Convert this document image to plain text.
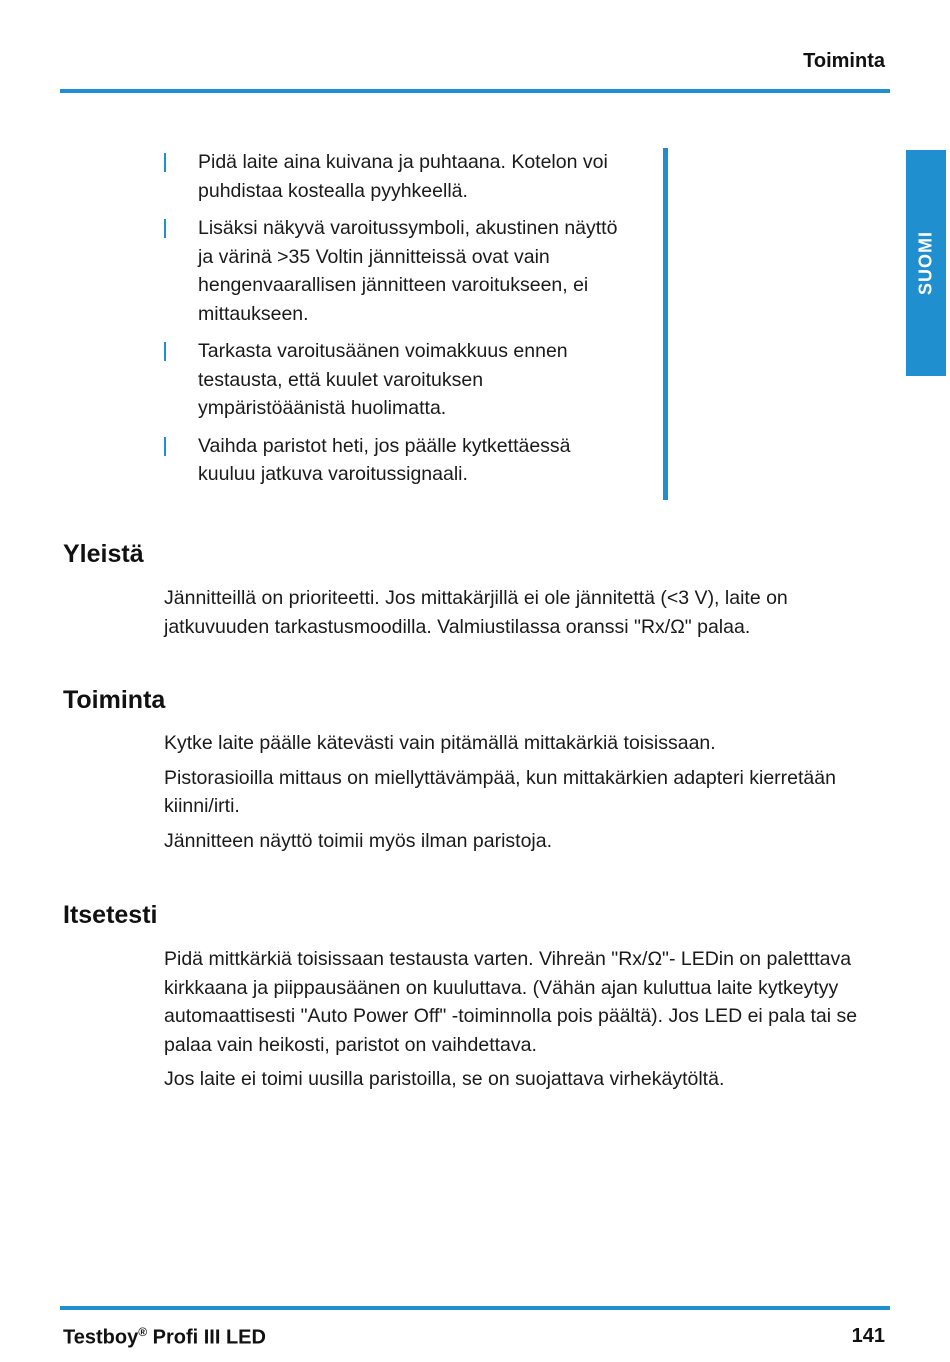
Toiminta
SUOMI
Pidä laite aina kuivana ja puhtaana. Kotelon voi puhdistaa kostealla pyyhkeellä.
Lisäksi näkyvä varoitussymboli, akustinen näyttö ja värinä >35 Voltin jännitteissä ovat vain hengenvaarallisen jännitteen varoitukseen, ei mittaukseen.
Tarkasta varoitusäänen voimakkuus ennen testausta, että kuulet varoituksen ympäristöäänistä huolimatta.
Vaihda paristot heti, jos päälle kytkettäessä kuuluu jatkuva varoitussignaali.
Yleistä

Jännitteillä on prioriteetti. Jos mittakärjillä ei ole jännitettä (<3 V), laite on jatkuvuuden tarkastusmoodilla. Valmiustilassa oranssi "Rx/Ω" palaa.

Toiminta

Kytke laite päälle kätevästi vain pitämällä mittakärkiä toisissaan.

Pistorasioilla mittaus on miellyttävämpää, kun mittakärkien adapteri kierretään kiinni/irti.

Jännitteen näyttö toimii myös ilman paristoja.

Itsetesti

Pidä mittkärkiä toisissaan testausta varten. Vihreän "Rx/Ω"- LEDin on paletttava kirkkaana ja piippausäänen on kuuluttava. (Vähän ajan kuluttua laite kytkeytyy automaattisesti "Auto Power Off" -toiminnolla pois päältä). Jos LED ei pala tai se palaa vain heikosti, paristot on vaihdettava.

Jos laite ei toimi uusilla paristoilla, se on suojattava virhekäytöltä.

Testboy® Profi III LED	141
